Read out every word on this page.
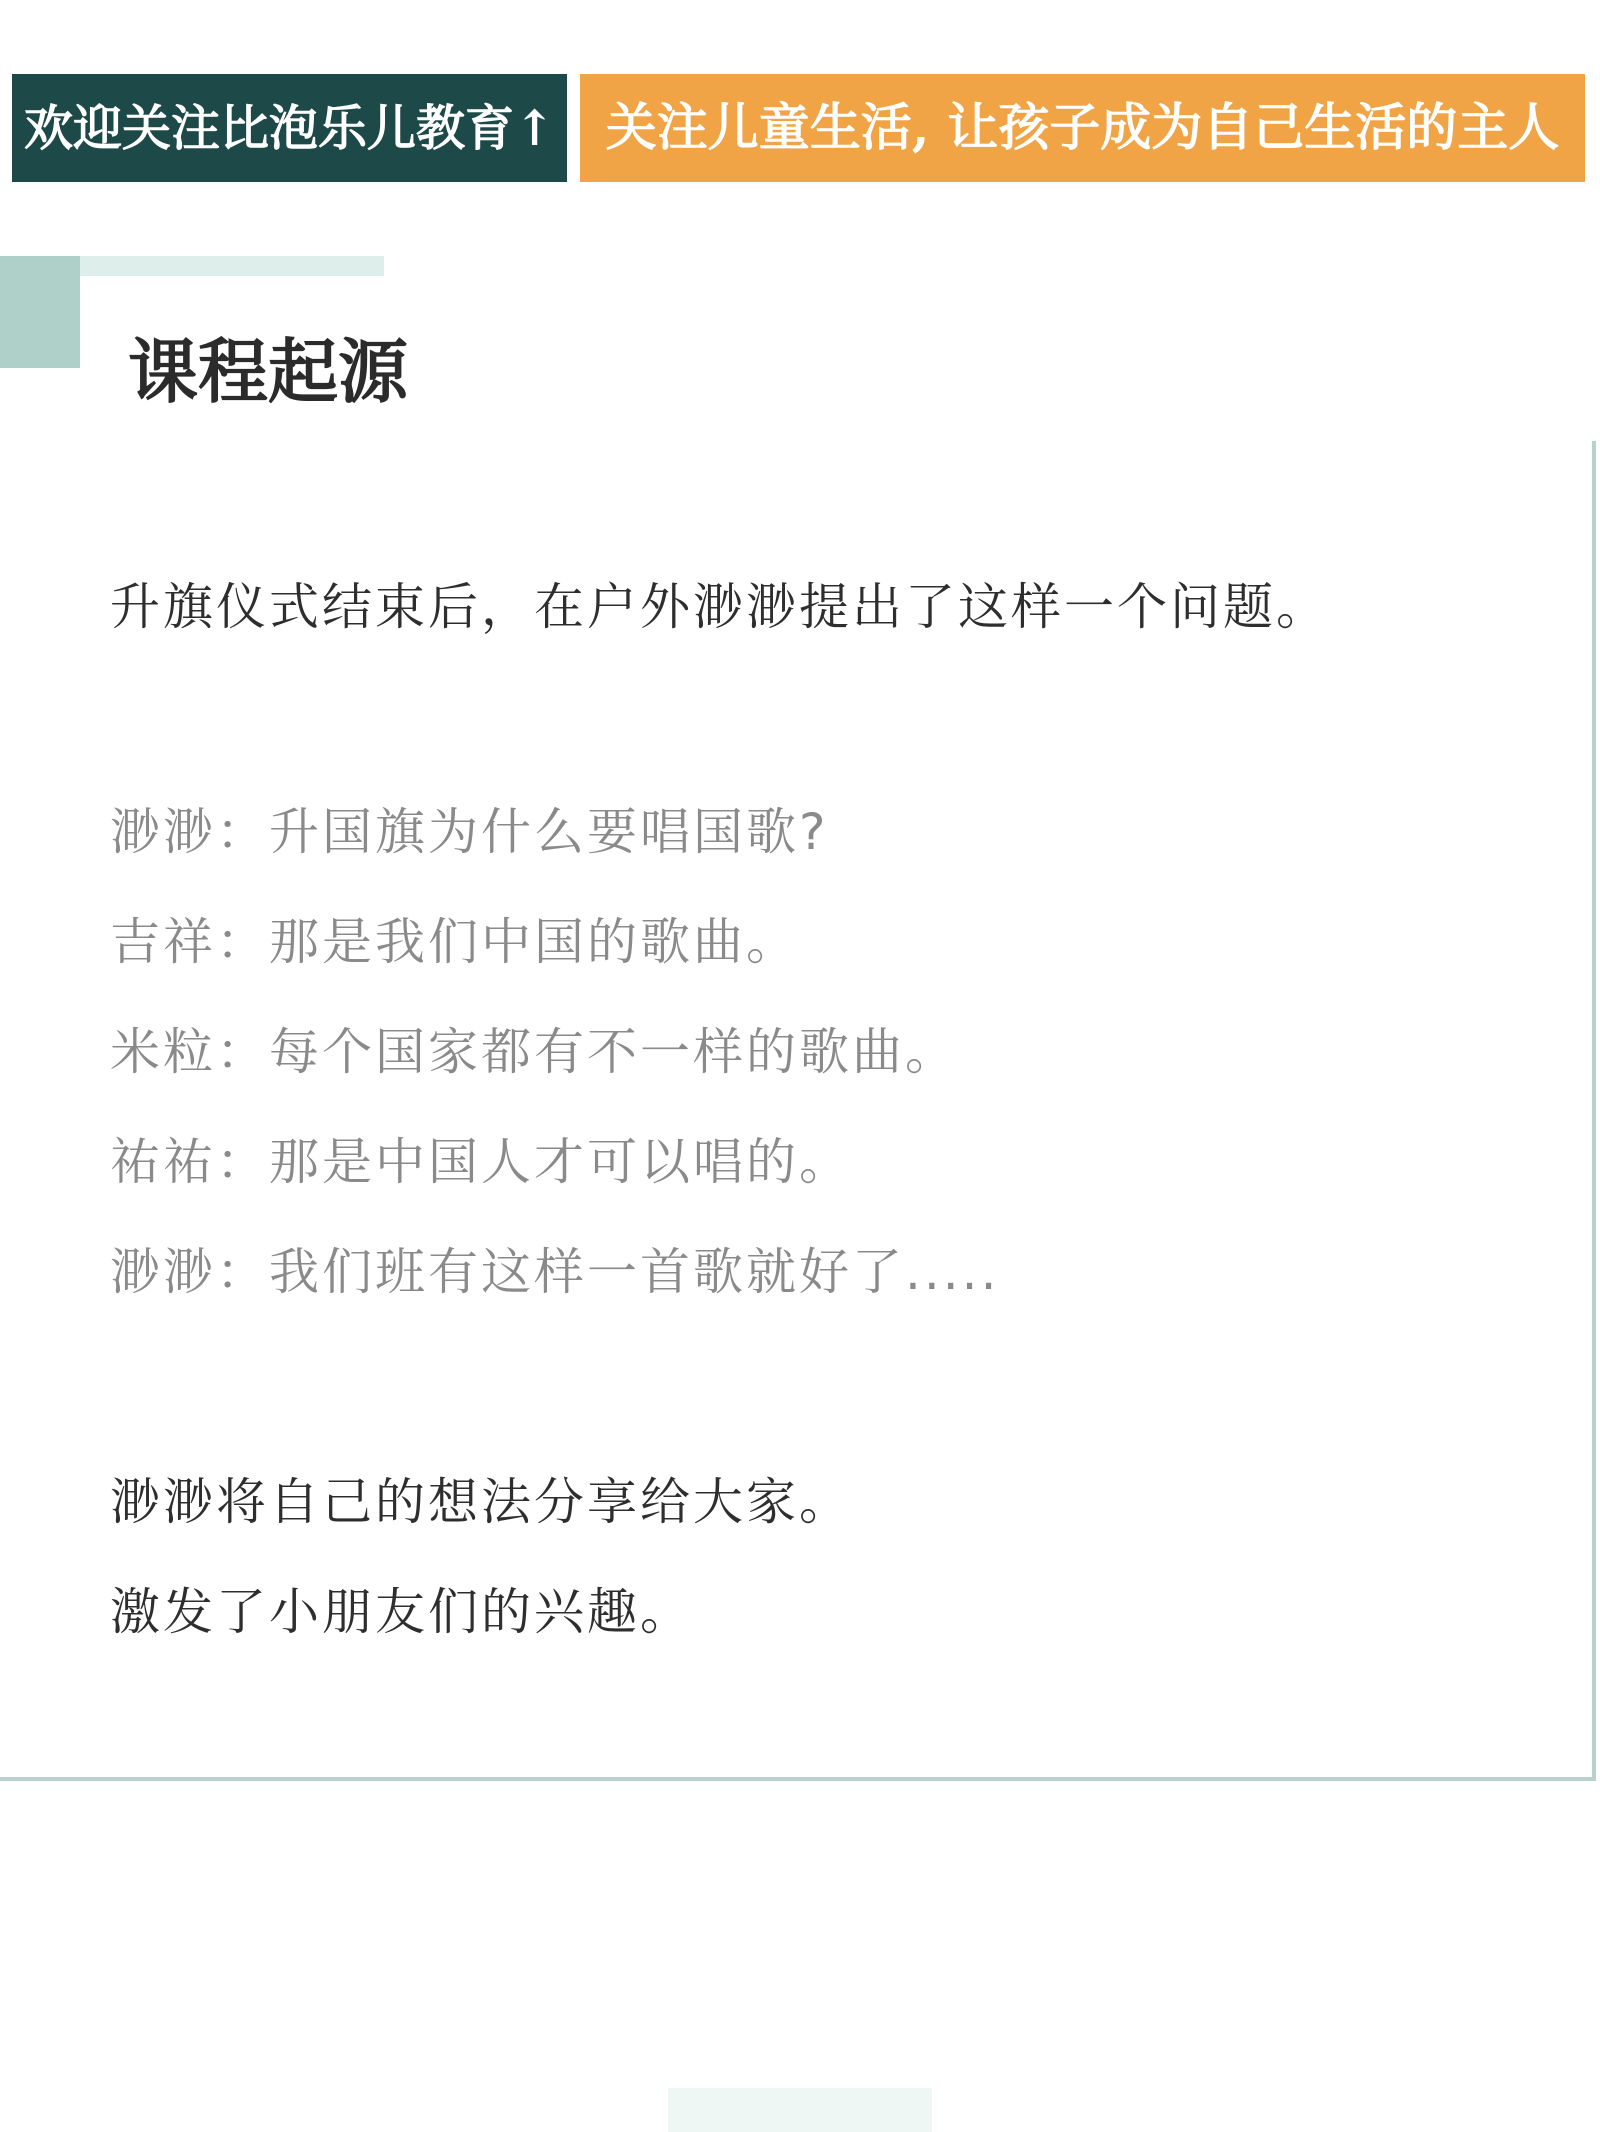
欢迎关注比泡乐儿教育↑ 关注儿童生活, 让孩子成为自己生活的主人
课程起源
升旗仪式结束后，在户外渺渺提出了这样一个问题。
渺渺：升国旗为什么要唱国歌?
吉祥：那是我们中国的歌曲。
米粒：每个国家都有不一样的歌曲。
祐祐：那是中国人才可以唱的。
渺渺：我们班有这样一首歌就好了.....
渺渺将自己的想法分享给大家。
激发了小朋友们的兴趣。
